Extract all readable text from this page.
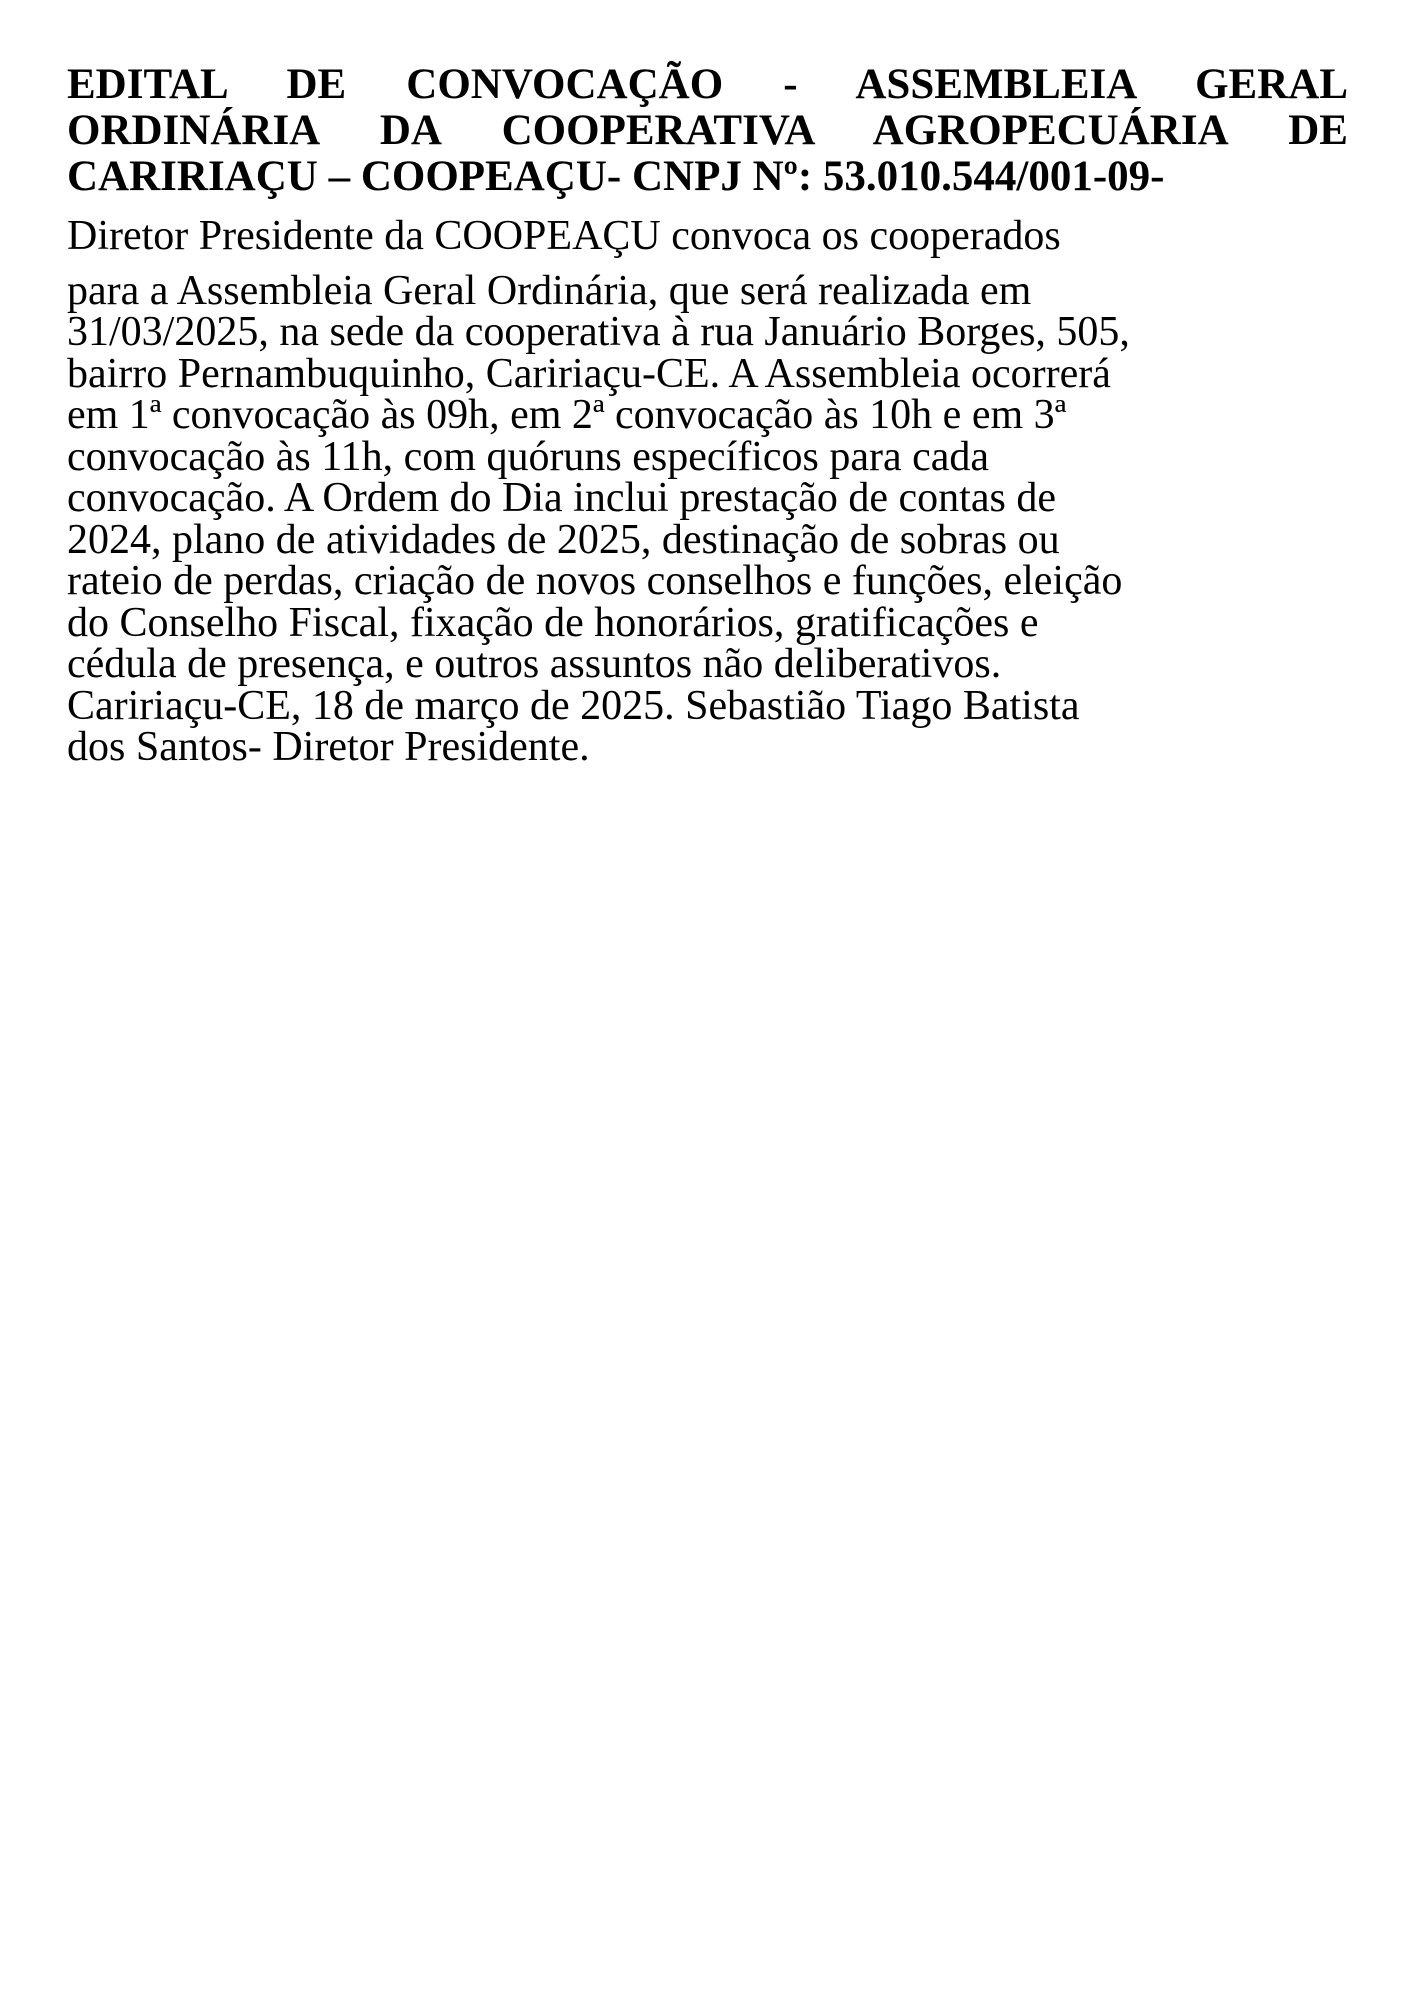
EDITAL DE CONVOCAÇÃO - ASSEMBLEIA GERAL
ORDINÁRIA DA COOPERATIVA AGROPECUÁRIA DE
CARIRIAÇU – COOPEAÇU- CNPJ Nº: 53.010.544/001-09-
Diretor Presidente da COOPEAÇU convoca os cooperados
para a Assembleia Geral Ordinária, que será realizada em
31/03/2025, na sede da cooperativa à rua Januário Borges, 505,
bairro Pernambuquinho, Caririaçu-CE. A Assembleia ocorrerá
em 1ª convocação às 09h, em 2ª convocação às 10h e em 3ª
convocação às 11h, com quóruns específicos para cada
convocação. A Ordem do Dia inclui prestação de contas de
2024, plano de atividades de 2025, destinação de sobras ou
rateio de perdas, criação de novos conselhos e funções, eleição
do Conselho Fiscal, fixação de honorários, gratificações e
cédula de presença, e outros assuntos não deliberativos.
Caririaçu-CE, 18 de março de 2025. Sebastião Tiago Batista
dos Santos- Diretor Presidente.
